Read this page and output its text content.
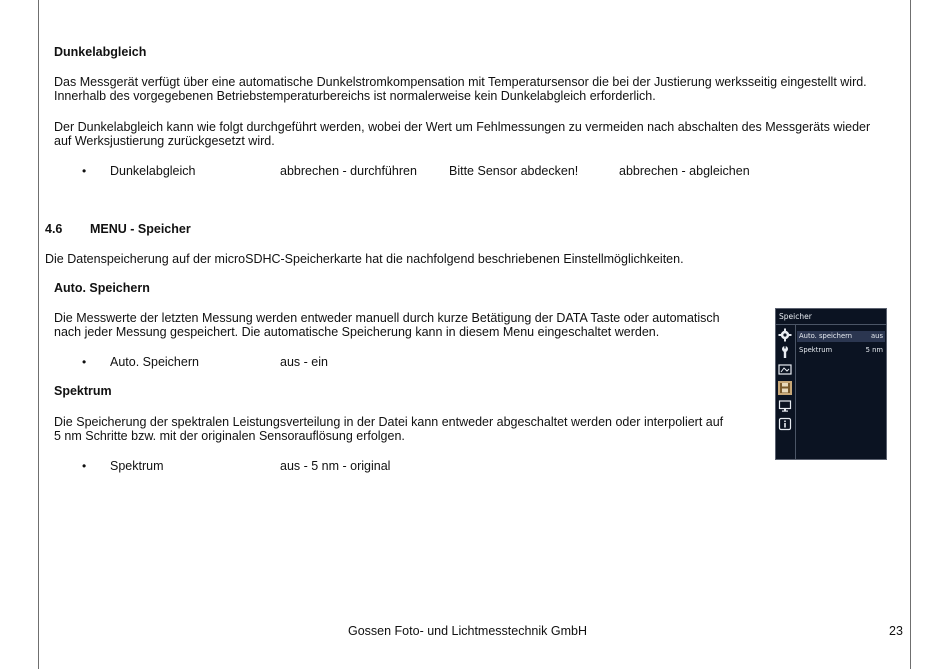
Dunkelabgleich
Das Messgerät verfügt über eine automatische Dunkelstromkompensation mit Temperatursensor die bei der Justierung werksseitig eingestellt wird.
Innerhalb des vorgegebenen Betriebstemperaturbereichs ist normalerweise kein Dunkelabgleich erforderlich.
Der Dunkelabgleich kann wie folgt durchgeführt werden, wobei der Wert um Fehlmessungen zu vermeiden nach abschalten des Messgeräts wieder
auf Werksjustierung zurückgesetzt wird.
• Dunkelabgleich	abbrechen - durchführen	Bitte Sensor abdecken!	abbrechen - abgleichen
4.6 MENU - Speicher
Die Datenspeicherung auf der microSDHC-Speicherkarte hat die nachfolgend beschriebenen Einstellmöglichkeiten.
Auto. Speichern
Die Messwerte der letzten Messung werden entweder manuell durch kurze Betätigung der DATA Taste oder automatisch
nach jeder Messung gespeichert. Die automatische Speicherung kann in diesem Menu eingeschaltet werden.
• Auto. Speichern	aus - ein
Spektrum
Die Speicherung der spektralen Leistungsverteilung in der Datei kann entweder abgeschaltet werden oder interpoliert auf
5 nm Schritte bzw. mit der originalen Sensorauflösung erfolgen.
• Spektrum	aus - 5 nm - original
Speicher
Auto. speichern	aus
Spektrum	5 nm
Gossen Foto- und Lichtmesstechnik GmbH	23
